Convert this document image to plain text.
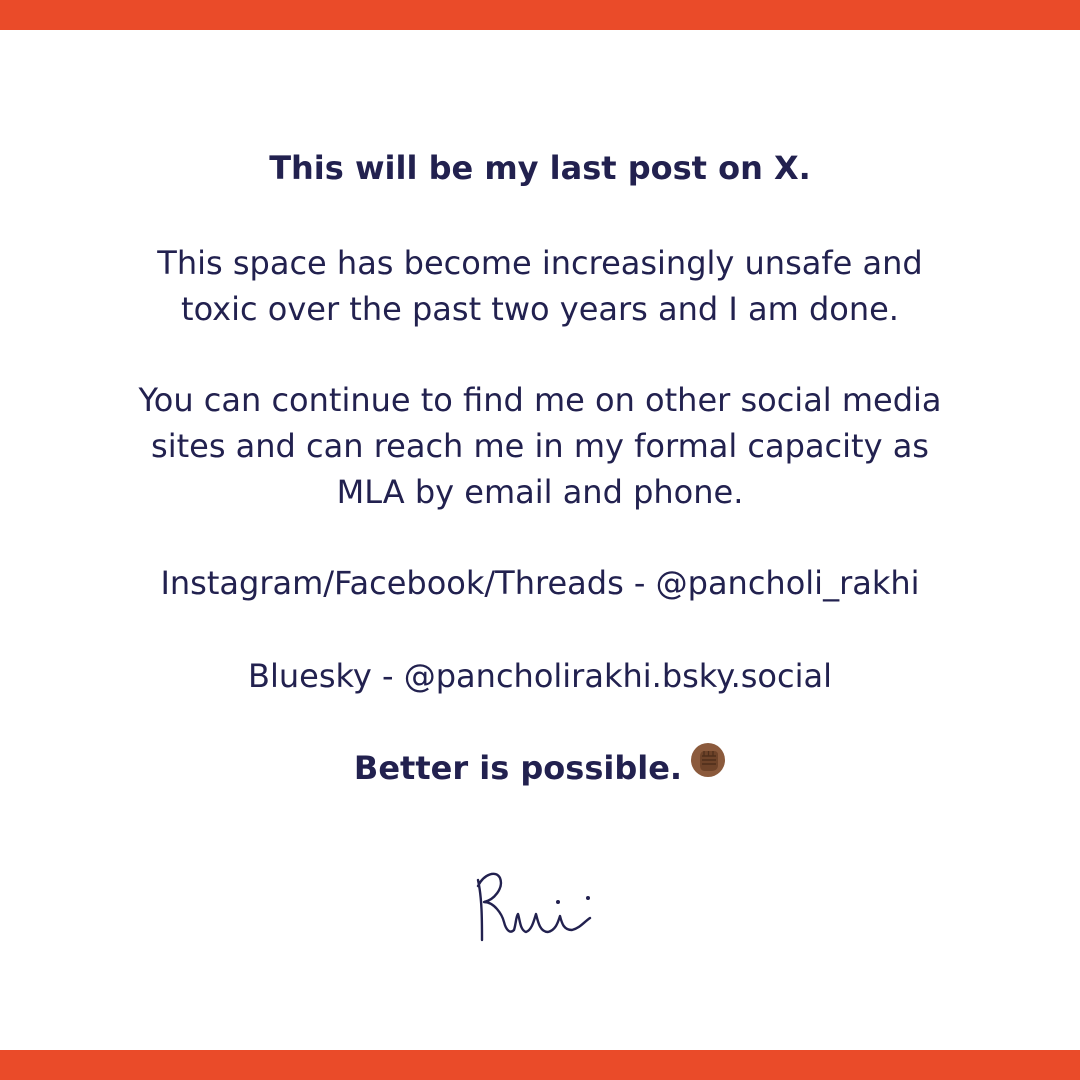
This will be my last post on X.
This space has become increasingly unsafe and
toxic over the past two years and I am done.
You can continue to find me on other social media
sites and can reach me in my formal capacity as
MLA by email and phone.
Instagram/Facebook/Threads - @pancholi_rakhi
Bluesky - @pancholirakhi.bsky.social
Better is possible.
